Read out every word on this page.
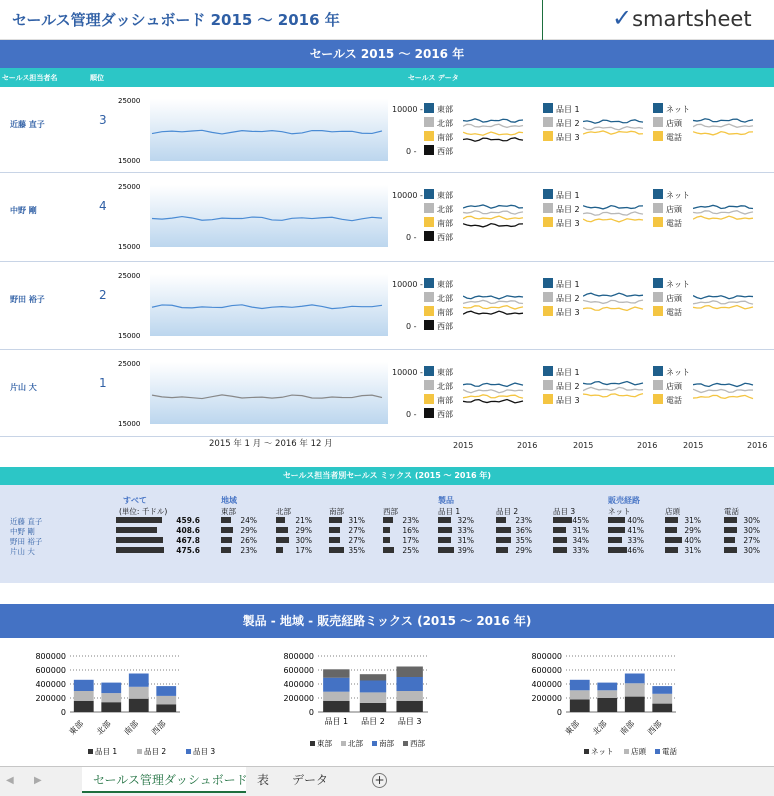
セールス管理ダッシュボード 2015 ～ 2016 年	✓smartsheet
セールス 2015 ～ 2016 年
セールス担当者名	順位	セールス データ
近藤 直子	3
25000
15000
10000 -
0 -
東部
北部
南部
西部
品目 1
品目 2
品目 3
ネット
店頭
電話
中野 剛	4
25000
15000
10000 -
0 -
東部
北部
南部
西部
品目 1
品目 2
品目 3
ネット
店頭
電話
野田 裕子	2
25000
15000
10000 -
0 -
東部
北部
南部
西部
品目 1
品目 2
品目 3
ネット
店頭
電話
片山 大	1
25000
15000
10000 -
0 -
東部
北部
南部
西部
品目 1
品目 2
品目 3
ネット
店頭
電話
2015 年 1 月 ～ 2016 年 12 月	2015	2016	2015	2016	2015	2016
セールス担当者別セールス ミックス (2015 ～ 2016 年)
すべて
(単位: 千ドル)
地域	製品	販売経路
東部	北部	南部	西部	品目 1	品目 2	品目 3	ネット	店頭	電話
近藤 直子	459.6	24%	21%	31%	23%	32%	23%	45%	40%	31%	30%
中野 剛	408.6	29%	29%	27%	16%	33%	36%	31%	41%	29%	30%
野田 裕子	467.8	26%	30%	27%	17%	31%	35%	34%	33%	40%	27%
片山 大	475.6	23%	17%	35%	25%	39%	29%	33%	46%	31%	30%
製品 - 地域 - 販売経路ミックス (2015 ～ 2016 年)
800000
600000
400000
200000
0
東部 北部 南部 西部
品目 1	品目 2	品目 3
800000
600000
400000
200000
0
品目 1 品目 2 品目 3
東部 北部 南部 西部
800000
600000
400000
200000
0
東部 北部 南部 西部
ネット 店頭 電話
◀ ▶	セールス管理ダッシュボード 表 データ	+
